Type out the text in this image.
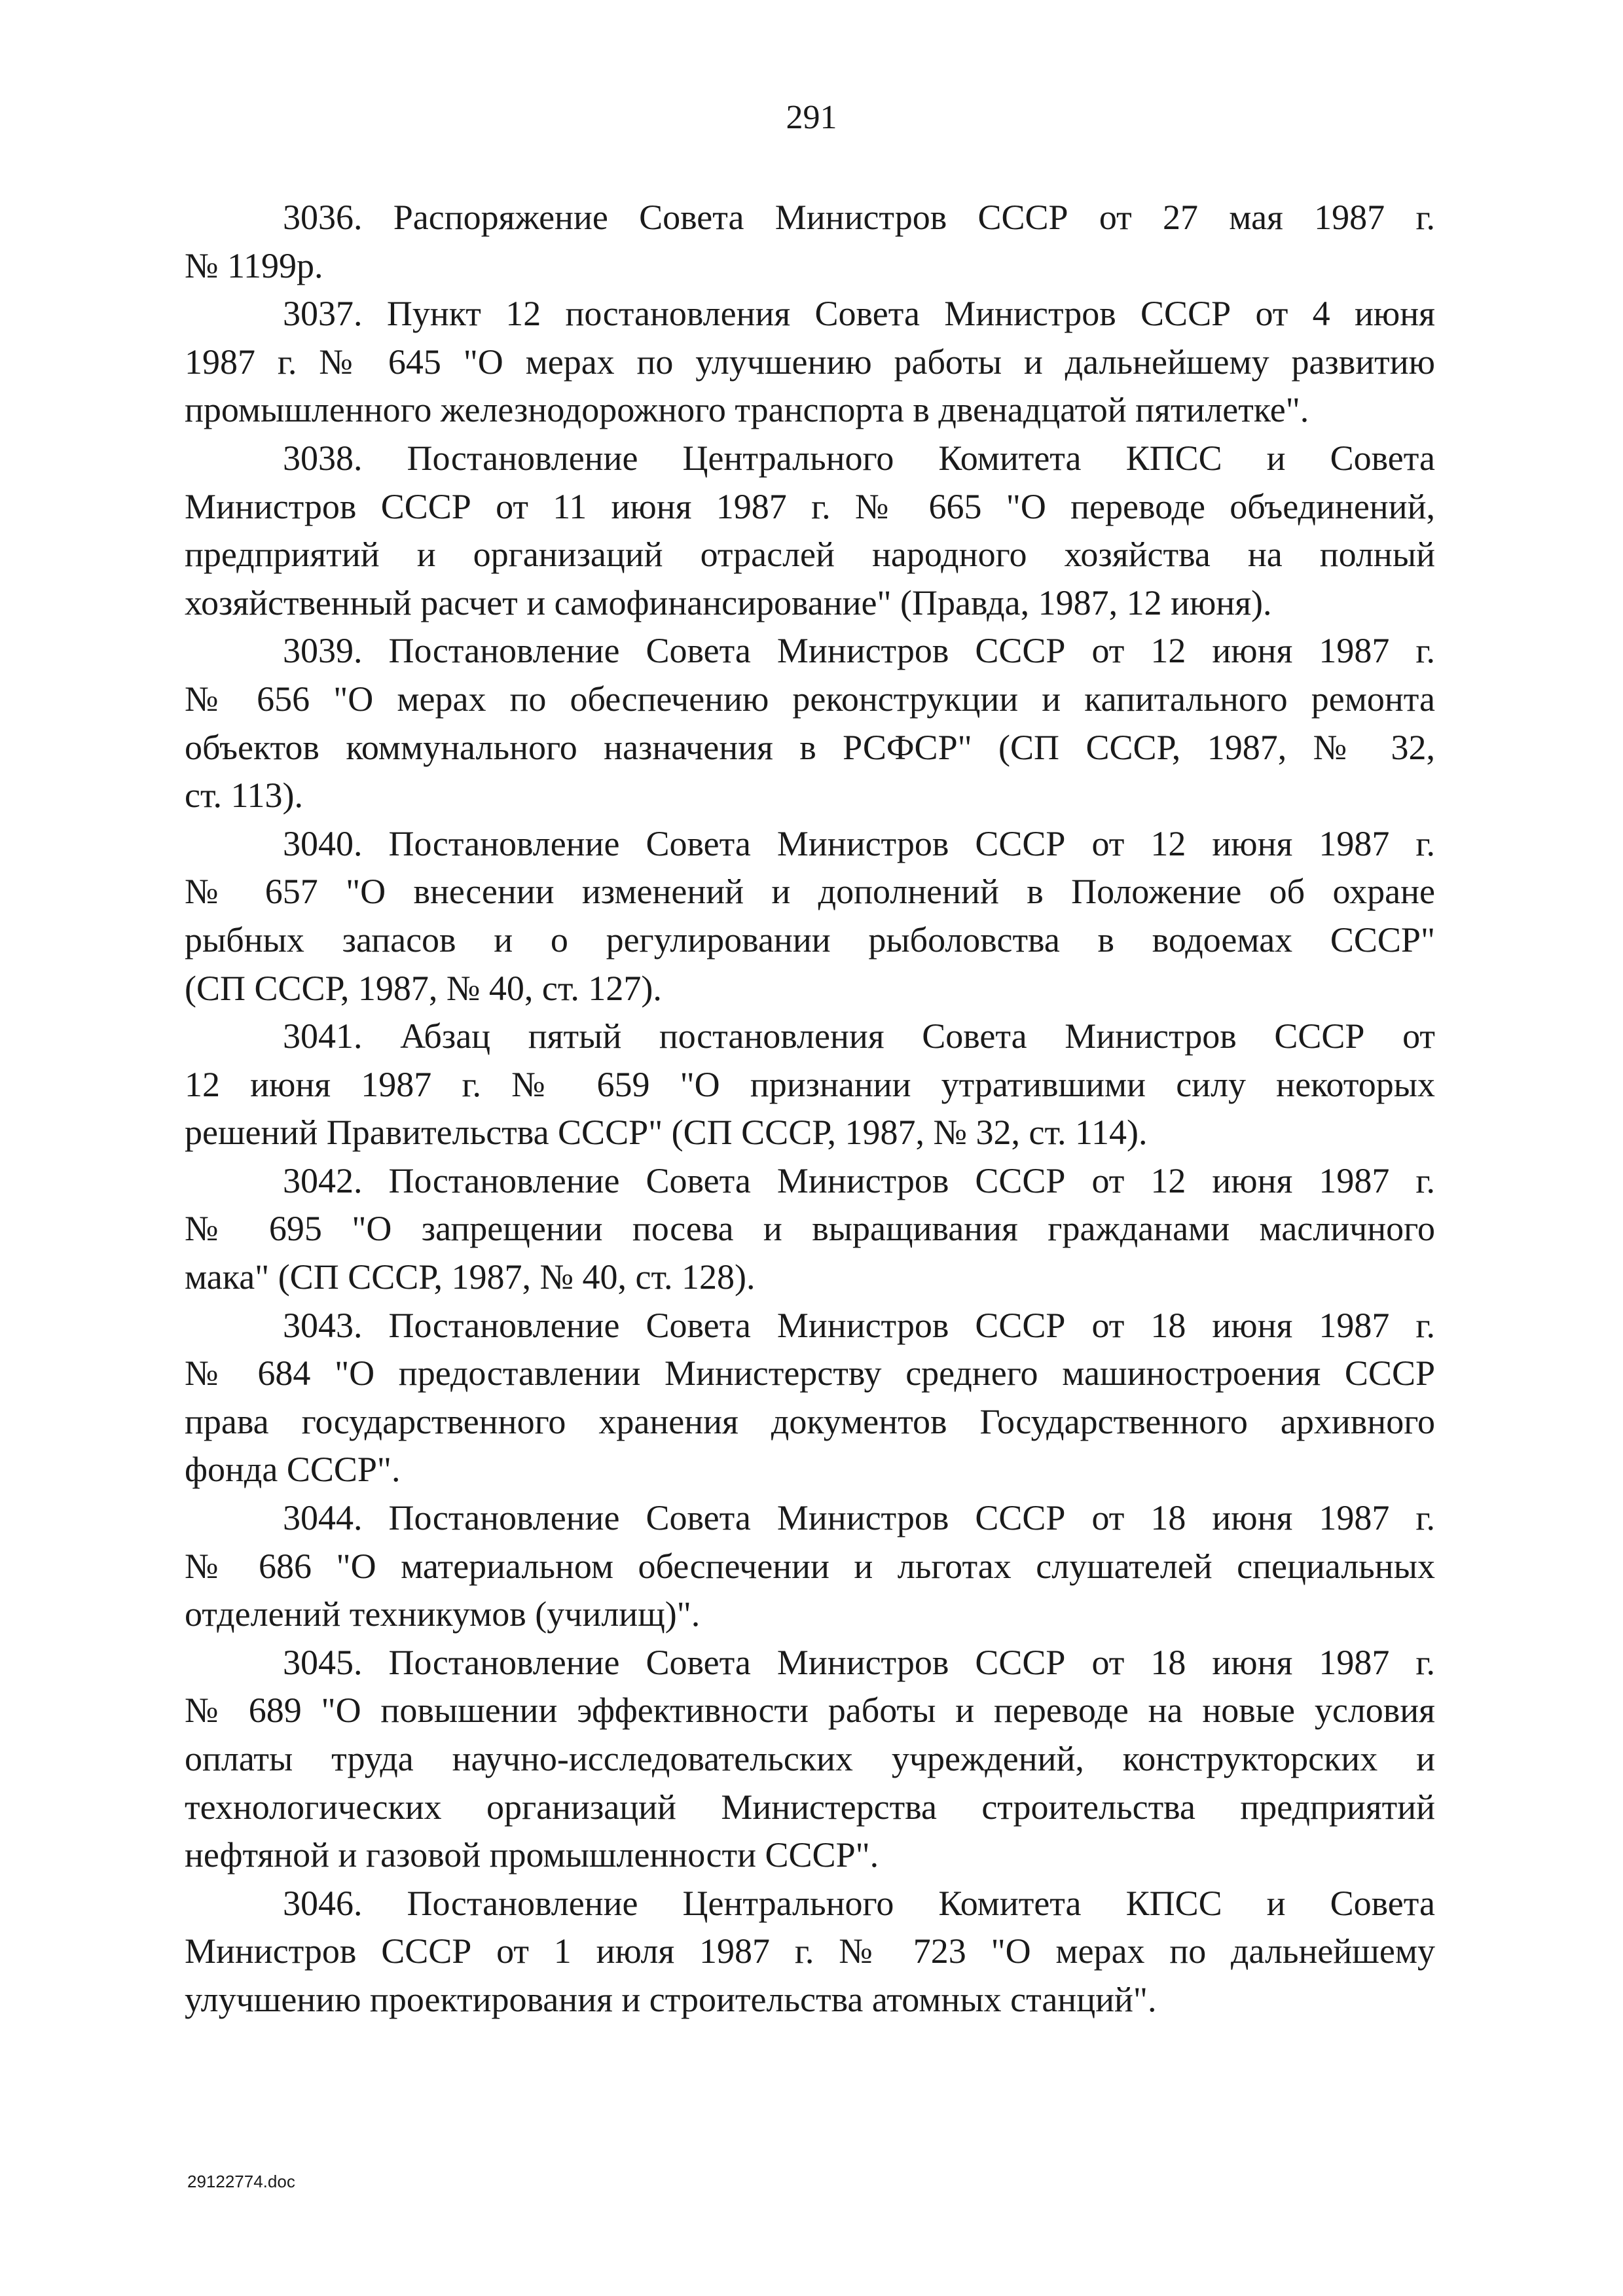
291

3036. Распоряжение Совета Министров СССР от 27 мая 1987 г.
№ 1199р.

3037. Пункт 12 постановления Совета Министров СССР от 4 июня
1987 г. № 645 "О мерах по улучшению работы и дальнейшему развитию
промышленного железнодорожного транспорта в двенадцатой пятилетке".

3038. Постановление Центрального Комитета КПСС и Совета
Министров СССР от 11 июня 1987 г. № 665 "О переводе объединений,
предприятий и организаций отраслей народного хозяйства на полный
хозяйственный расчет и самофинансирование" (Правда, 1987, 12 июня).

3039. Постановление Совета Министров СССР от 12 июня 1987 г.
№ 656 "О мерах по обеспечению реконструкции и капитального ремонта
объектов коммунального назначения в РСФСР" (СП СССР, 1987, № 32,
ст. 113).

3040. Постановление Совета Министров СССР от 12 июня 1987 г.
№ 657 "О внесении изменений и дополнений в Положение об охране
рыбных запасов и о регулировании рыболовства в водоемах СССР"
(СП СССР, 1987, № 40, ст. 127).

3041. Абзац пятый постановления Совета Министров СССР от
12 июня 1987 г. № 659 "О признании утратившими силу некоторых
решений Правительства СССР" (СП СССР, 1987, № 32, ст. 114).

3042. Постановление Совета Министров СССР от 12 июня 1987 г.
№ 695 "О запрещении посева и выращивания гражданами масличного
мака" (СП СССР, 1987, № 40, ст. 128).

3043. Постановление Совета Министров СССР от 18 июня 1987 г.
№ 684 "О предоставлении Министерству среднего машиностроения СССР
права государственного хранения документов Государственного архивного
фонда СССР".

3044. Постановление Совета Министров СССР от 18 июня 1987 г.
№ 686 "О материальном обеспечении и льготах слушателей специальных
отделений техникумов (училищ)".

3045. Постановление Совета Министров СССР от 18 июня 1987 г.
№ 689 "О повышении эффективности работы и переводе на новые условия
оплаты труда научно-исследовательских учреждений, конструкторских и
технологических организаций Министерства строительства предприятий
нефтяной и газовой промышленности СССР".

3046. Постановление Центрального Комитета КПСС и Совета
Министров СССР от 1 июля 1987 г. № 723 "О мерах по дальнейшему
улучшению проектирования и строительства атомных станций".

29122774.doc
